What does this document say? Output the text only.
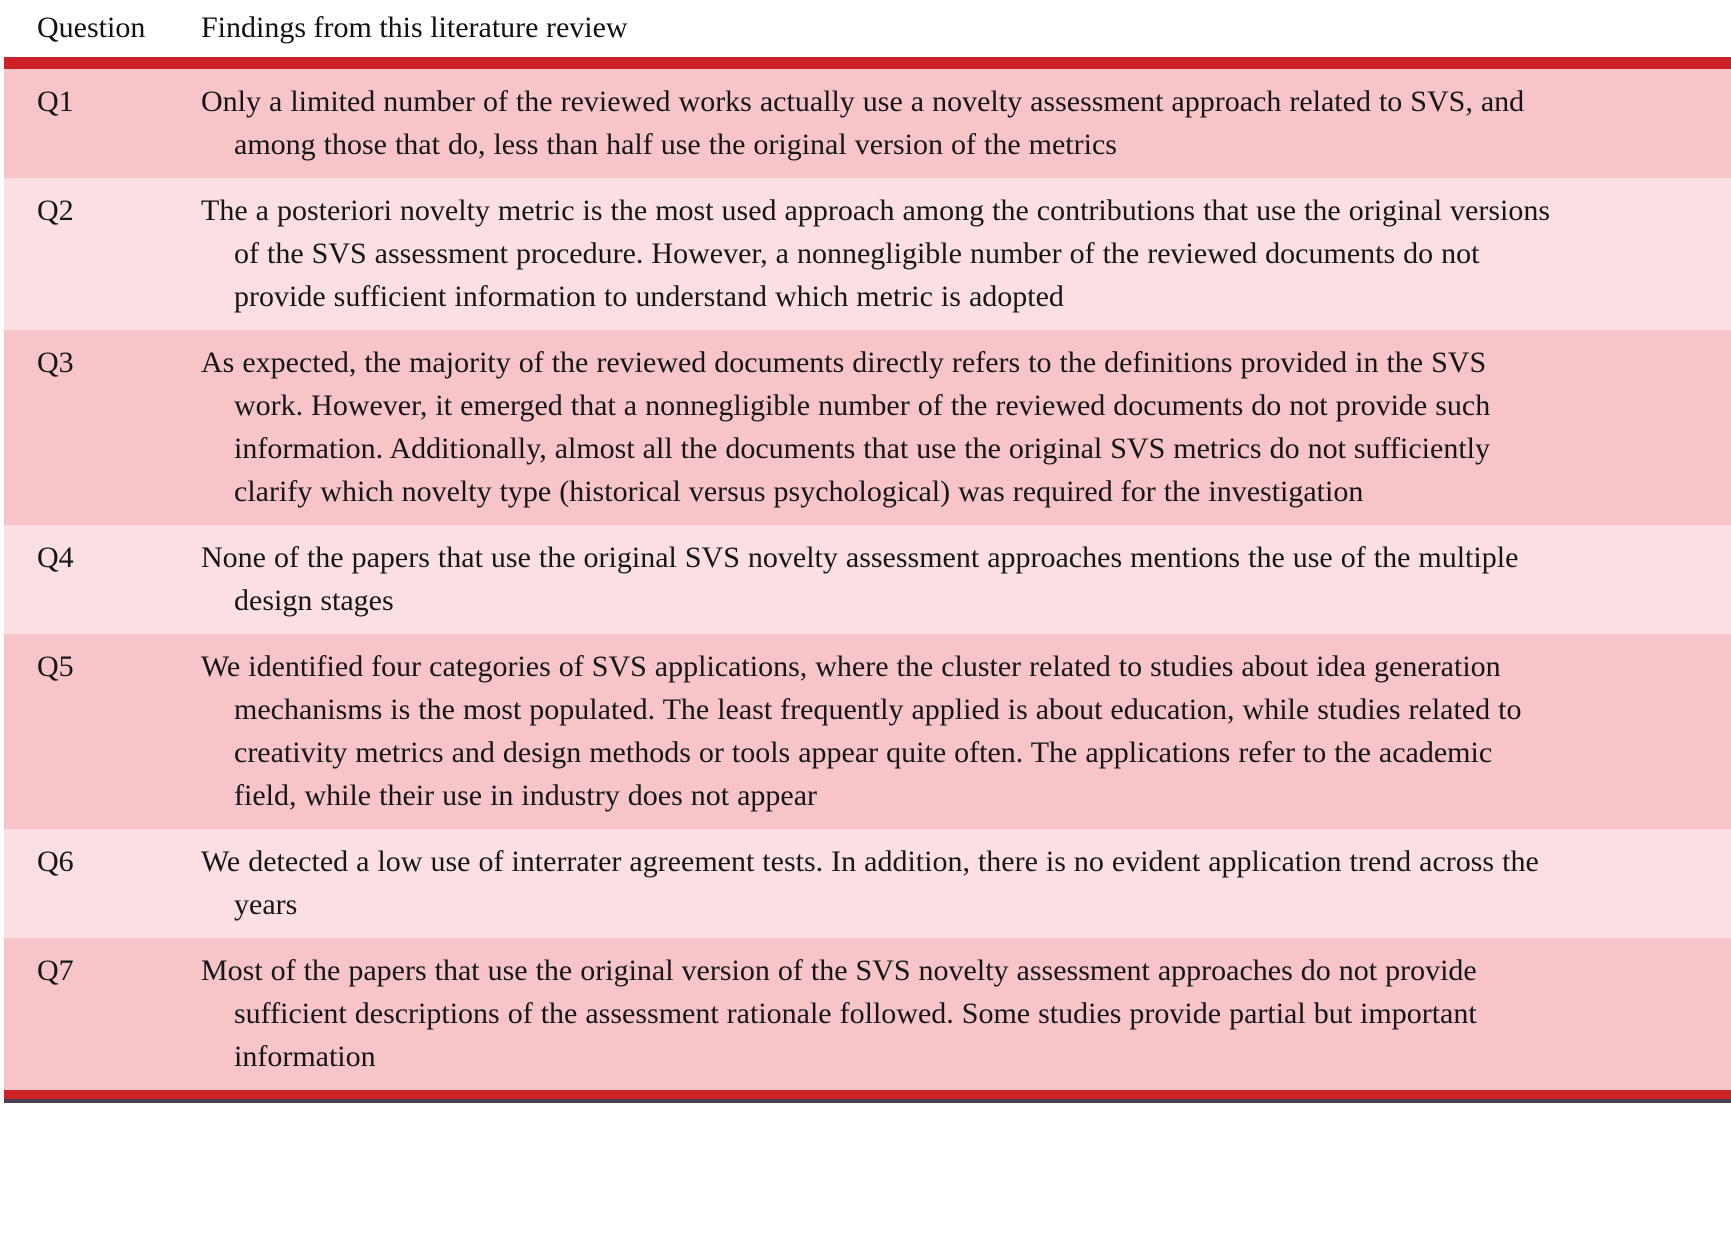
Question	Findings from this literature review
Q1	Only a limited number of the reviewed works actually use a novelty assessment approach related to SVS, and among those that do, less than half use the original version of the metrics
Q2	The a posteriori novelty metric is the most used approach among the contributions that use the original versions of the SVS assessment procedure. However, a nonnegligible number of the reviewed documents do not provide sufficient information to understand which metric is adopted
Q3	As expected, the majority of the reviewed documents directly refers to the definitions provided in the SVS work. However, it emerged that a nonnegligible number of the reviewed documents do not provide such information. Additionally, almost all the documents that use the original SVS metrics do not sufficiently clarify which novelty type (historical versus psychological) was required for the investigation
Q4	None of the papers that use the original SVS novelty assessment approaches mentions the use of the multiple design stages
Q5	We identified four categories of SVS applications, where the cluster related to studies about idea generation mechanisms is the most populated. The least frequently applied is about education, while studies related to creativity metrics and design methods or tools appear quite often. The applications refer to the academic field, while their use in industry does not appear
Q6	We detected a low use of interrater agreement tests. In addition, there is no evident application trend across the years
Q7	Most of the papers that use the original version of the SVS novelty assessment approaches do not provide sufficient descriptions of the assessment rationale followed. Some studies provide partial but important information
